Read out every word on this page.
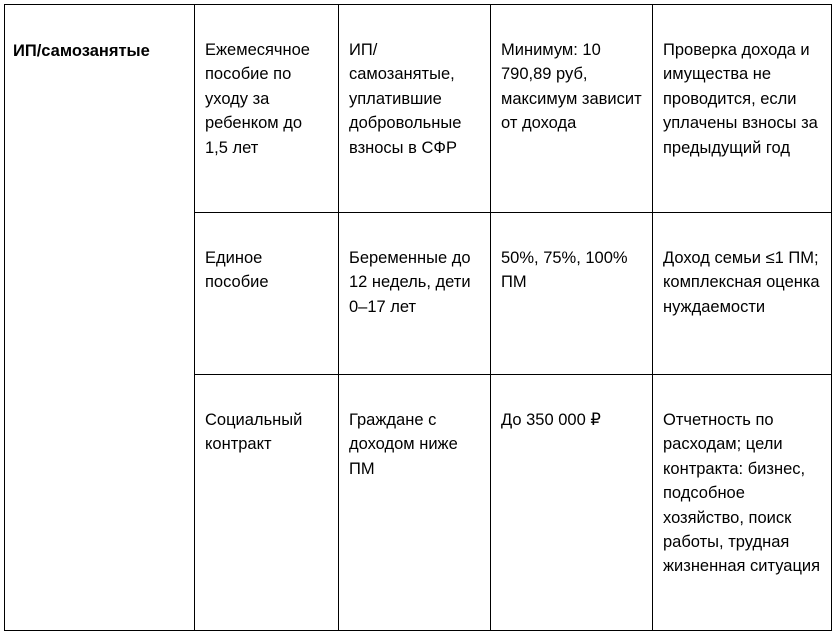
ИП/самозанятые	Ежемесячное пособие по уходу за ребенком до 1,5 лет	ИП/самозанятые, уплатившие добровольные взносы в СФР	Минимум: 10 790,89 руб, максимум зависит от дохода	Проверка дохода и имущества не проводится, если уплачены взносы за предыдущий год
	Единое пособие	Беременные до 12 недель, дети 0–17 лет	50%, 75%, 100% ПМ	Доход семьи ≤1 ПМ; комплексная оценка нуждаемости
	Социальный контракт	Граждане с доходом ниже ПМ	До 350 000 ₽	Отчетность по расходам; цели контракта: бизнес, подсобное хозяйство, поиск работы, трудная жизненная ситуация
